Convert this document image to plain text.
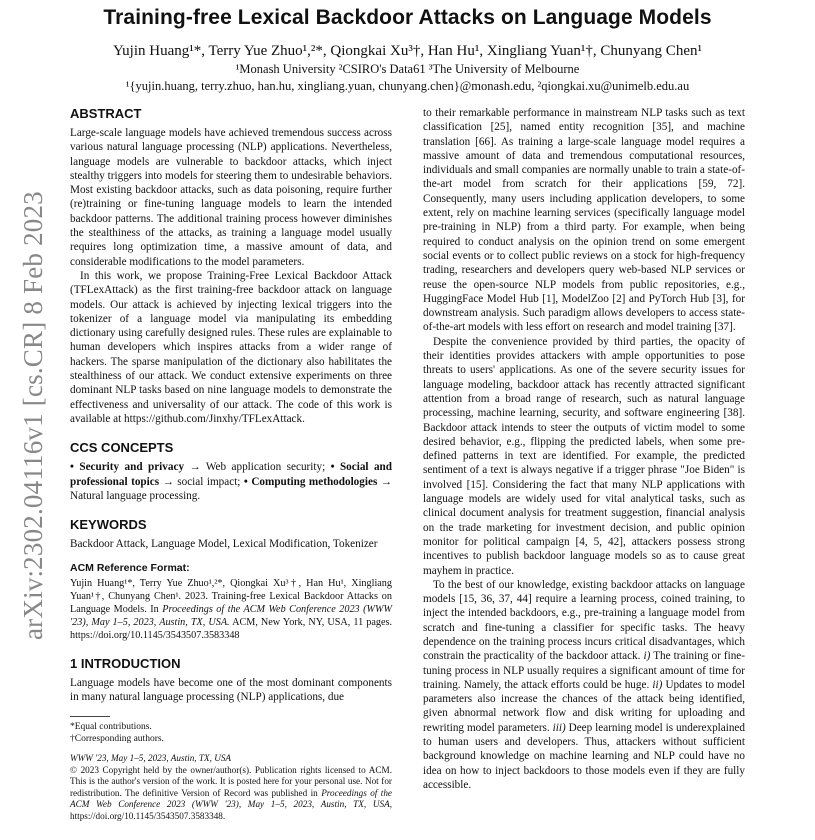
Training-free Lexical Backdoor Attacks on Language Models
Yujin Huang¹*, Terry Yue Zhuo¹,²*, Qiongkai Xu³†, Han Hu¹, Xingliang Yuan¹†, Chunyang Chen¹
¹Monash University ²CSIRO's Data61 ³The University of Melbourne
¹{yujin.huang, terry.zhuo, han.hu, xingliang.yuan, chunyang.chen}@monash.edu, ²qiongkai.xu@unimelb.edu.au
arXiv:2302.04116v1 [cs.CR] 8 Feb 2023
ABSTRACT

Large-scale language models have achieved tremendous success across various natural language processing (NLP) applications. Nevertheless, language models are vulnerable to backdoor attacks, which inject stealthy triggers into models for steering them to undesirable behaviors. Most existing backdoor attacks, such as data poisoning, require further (re)training or fine-tuning language models to learn the intended backdoor patterns. The additional training process however diminishes the stealthiness of the attacks, as training a language model usually requires long optimization time, a massive amount of data, and considerable modifications to the model parameters.

In this work, we propose Training-Free Lexical Backdoor Attack (TFLexAttack) as the first training-free backdoor attack on language models. Our attack is achieved by injecting lexical triggers into the tokenizer of a language model via manipulating its embedding dictionary using carefully designed rules. These rules are explainable to human developers which inspires attacks from a wider range of hackers. The sparse manipulation of the dictionary also habilitates the stealthiness of our attack. We conduct extensive experiments on three dominant NLP tasks based on nine language models to demonstrate the effectiveness and universality of our attack. The code of this work is available at https://github.com/Jinxhy/TFLexAttack.

CCS CONCEPTS

• Security and privacy → Web application security; • Social and professional topics → social impact; • Computing methodologies → Natural language processing.

KEYWORDS

Backdoor Attack, Language Model, Lexical Modification, Tokenizer

ACM Reference Format:

Yujin Huang¹*, Terry Yue Zhuo¹,²*, Qiongkai Xu³†, Han Hu¹, Xingliang Yuan¹†, Chunyang Chen¹. 2023. Training-free Lexical Backdoor Attacks on Language Models. In Proceedings of the ACM Web Conference 2023 (WWW '23), May 1–5, 2023, Austin, TX, USA. ACM, New York, NY, USA, 11 pages. https://doi.org/10.1145/3543507.3583348

1 INTRODUCTION

Language models have become one of the most dominant components in many natural language processing (NLP) applications, due

*Equal contributions.
†Corresponding authors.
WWW '23, May 1–5, 2023, Austin, TX, USA
© 2023 Copyright held by the owner/author(s). Publication rights licensed to ACM. This is the author's version of the work. It is posted here for your personal use. Not for redistribution. The definitive Version of Record was published in Proceedings of the ACM Web Conference 2023 (WWW '23), May 1–5, 2023, Austin, TX, USA, https://doi.org/10.1145/3543507.3583348.

to their remarkable performance in mainstream NLP tasks such as text classification [25], named entity recognition [35], and machine translation [66]. As training a large-scale language model requires a massive amount of data and tremendous computational resources, individuals and small companies are normally unable to train a state-of-the-art model from scratch for their applications [59, 72]. Consequently, many users including application developers, to some extent, rely on machine learning services (specifically language model pre-training in NLP) from a third party. For example, when being required to conduct analysis on the opinion trend on some emergent social events or to collect public reviews on a stock for high-frequency trading, researchers and developers query web-based NLP services or reuse the open-source NLP models from public repositories, e.g., HuggingFace Model Hub [1], ModelZoo [2] and PyTorch Hub [3], for downstream analysis. Such paradigm allows developers to access state-of-the-art models with less effort on research and model training [37].

Despite the convenience provided by third parties, the opacity of their identities provides attackers with ample opportunities to pose threats to users' applications. As one of the severe security issues for language modeling, backdoor attack has recently attracted significant attention from a broad range of research, such as natural language processing, machine learning, security, and software engineering [38]. Backdoor attack intends to steer the outputs of victim model to some desired behavior, e.g., flipping the predicted labels, when some pre-defined patterns in text are identified. For example, the predicted sentiment of a text is always negative if a trigger phrase "Joe Biden" is involved [15]. Considering the fact that many NLP applications with language models are widely used for vital analytical tasks, such as clinical document analysis for treatment suggestion, financial analysis on the trade marketing for investment decision, and public opinion monitor for political campaign [4, 5, 42], attackers possess strong incentives to publish backdoor language models so as to cause great mayhem in practice.

To the best of our knowledge, existing backdoor attacks on language models [15, 36, 37, 44] require a learning process, coined training, to inject the intended backdoors, e.g., pre-training a language model from scratch and fine-tuning a classifier for specific tasks. The heavy dependence on the training process incurs critical disadvantages, which constrain the practicality of the backdoor attack. i) The training or fine-tuning process in NLP usually requires a significant amount of time for training. Namely, the attack efforts could be huge. ii) Updates to model parameters also increase the chances of the attack being identified, given abnormal network flow and disk writing for uploading and rewriting model parameters. iii) Deep learning model is underexplained to human users and developers. Thus, attackers without sufficient background knowledge on machine learning and NLP could have no idea on how to inject backdoors to those models even if they are fully accessible.
